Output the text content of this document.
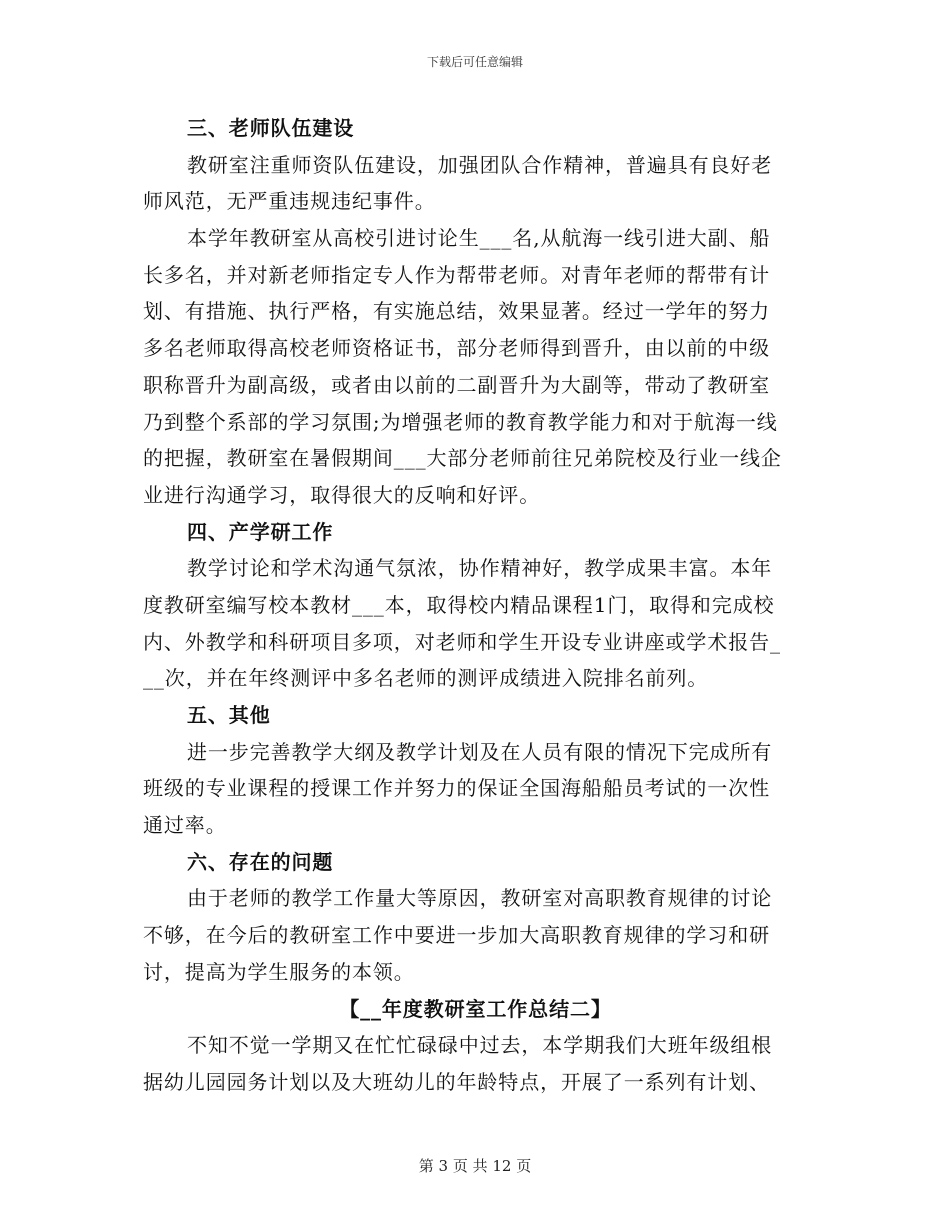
下载后可任意编辑
三、老师队伍建设
教研室注重师资队伍建设，加强团队合作精神，普遍具有良好老
师风范，无严重违规违纪事件。
本学年教研室从高校引进讨论生___名,从航海一线引进大副、船
长多名，并对新老师指定专人作为帮带老师。对青年老师的帮带有计
划、有措施、执行严格，有实施总结，效果显著。经过一学年的努力
多名老师取得高校老师资格证书，部分老师得到晋升，由以前的中级
职称晋升为副高级，或者由以前的二副晋升为大副等，带动了教研室
乃到整个系部的学习氛围;为增强老师的教育教学能力和对于航海一线
的把握，教研室在暑假期间___大部分老师前往兄弟院校及行业一线企
业进行沟通学习，取得很大的反响和好评。
四、产学研工作
教学讨论和学术沟通气氛浓，协作精神好，教学成果丰富。本年
度教研室编写校本教材___本，取得校内精品课程1门，取得和完成校
内、外教学和科研项目多项，对老师和学生开设专业讲座或学术报告_
__次，并在年终测评中多名老师的测评成绩进入院排名前列。
五、其他
进一步完善教学大纲及教学计划及在人员有限的情况下完成所有
班级的专业课程的授课工作并努力的保证全国海船船员考试的一次性
通过率。
六、存在的问题
由于老师的教学工作量大等原因，教研室对高职教育规律的讨论
不够，在今后的教研室工作中要进一步加大高职教育规律的学习和研
讨，提高为学生服务的本领。
【__年度教研室工作总结二】
不知不觉一学期又在忙忙碌碌中过去，本学期我们大班年级组根
据幼儿园园务计划以及大班幼儿的年龄特点，开展了一系列有计划、
第 3 页 共 12 页
